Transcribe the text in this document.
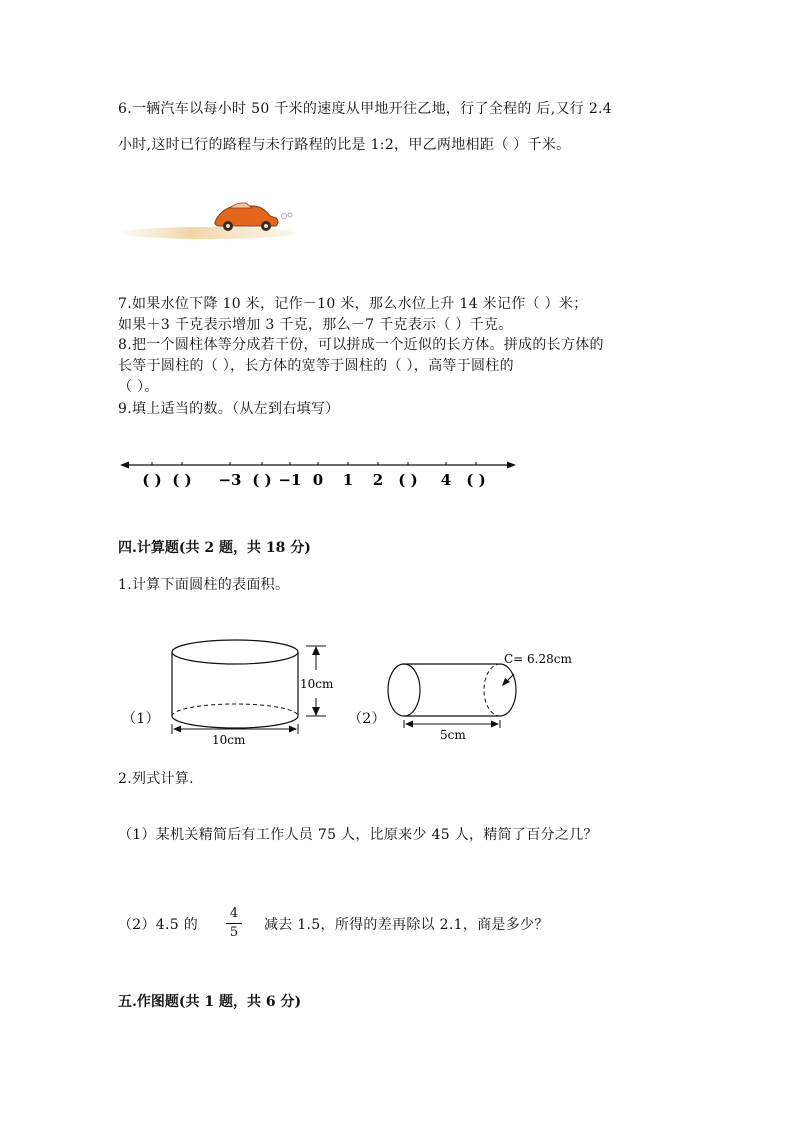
6.一辆汽车以每小时 50 千米的速度从甲地开往乙地，行了全程的 后,又行 2.4
小时,这时已行的路程与未行路程的比是 1:2，甲乙两地相距（ ）千米。
7.如果水位下降 10 米，记作－10 米，那么水位上升 14 米记作（ ）米；
如果＋3 千克表示增加 3 千克，那么－7 千克表示（ ）千克。
8.把一个圆柱体等分成若干份，可以拼成一个近似的长方体。拼成的长方体的
长等于圆柱的（ ），长方体的宽等于圆柱的（ ），高等于圆柱的
（ ）。
9.填上适当的数。（从左到右填写）
( ) ( ) −3 ( ) −1 0 1 2 ( ) 4 ( )
四.计算题(共 2 题，共 18 分)
1.计算下面圆柱的表面积。
（1）
10cm
10cm
（2）
C= 6.28cm
5cm
2.列式计算.
（1）某机关精简后有工作人员 75 人，比原来少 45 人，精简了百分之几？
（2）4.5 的
4
5 减去 1.5，所得的差再除以 2.1，商是多少？
五.作图题(共 1 题，共 6 分)
